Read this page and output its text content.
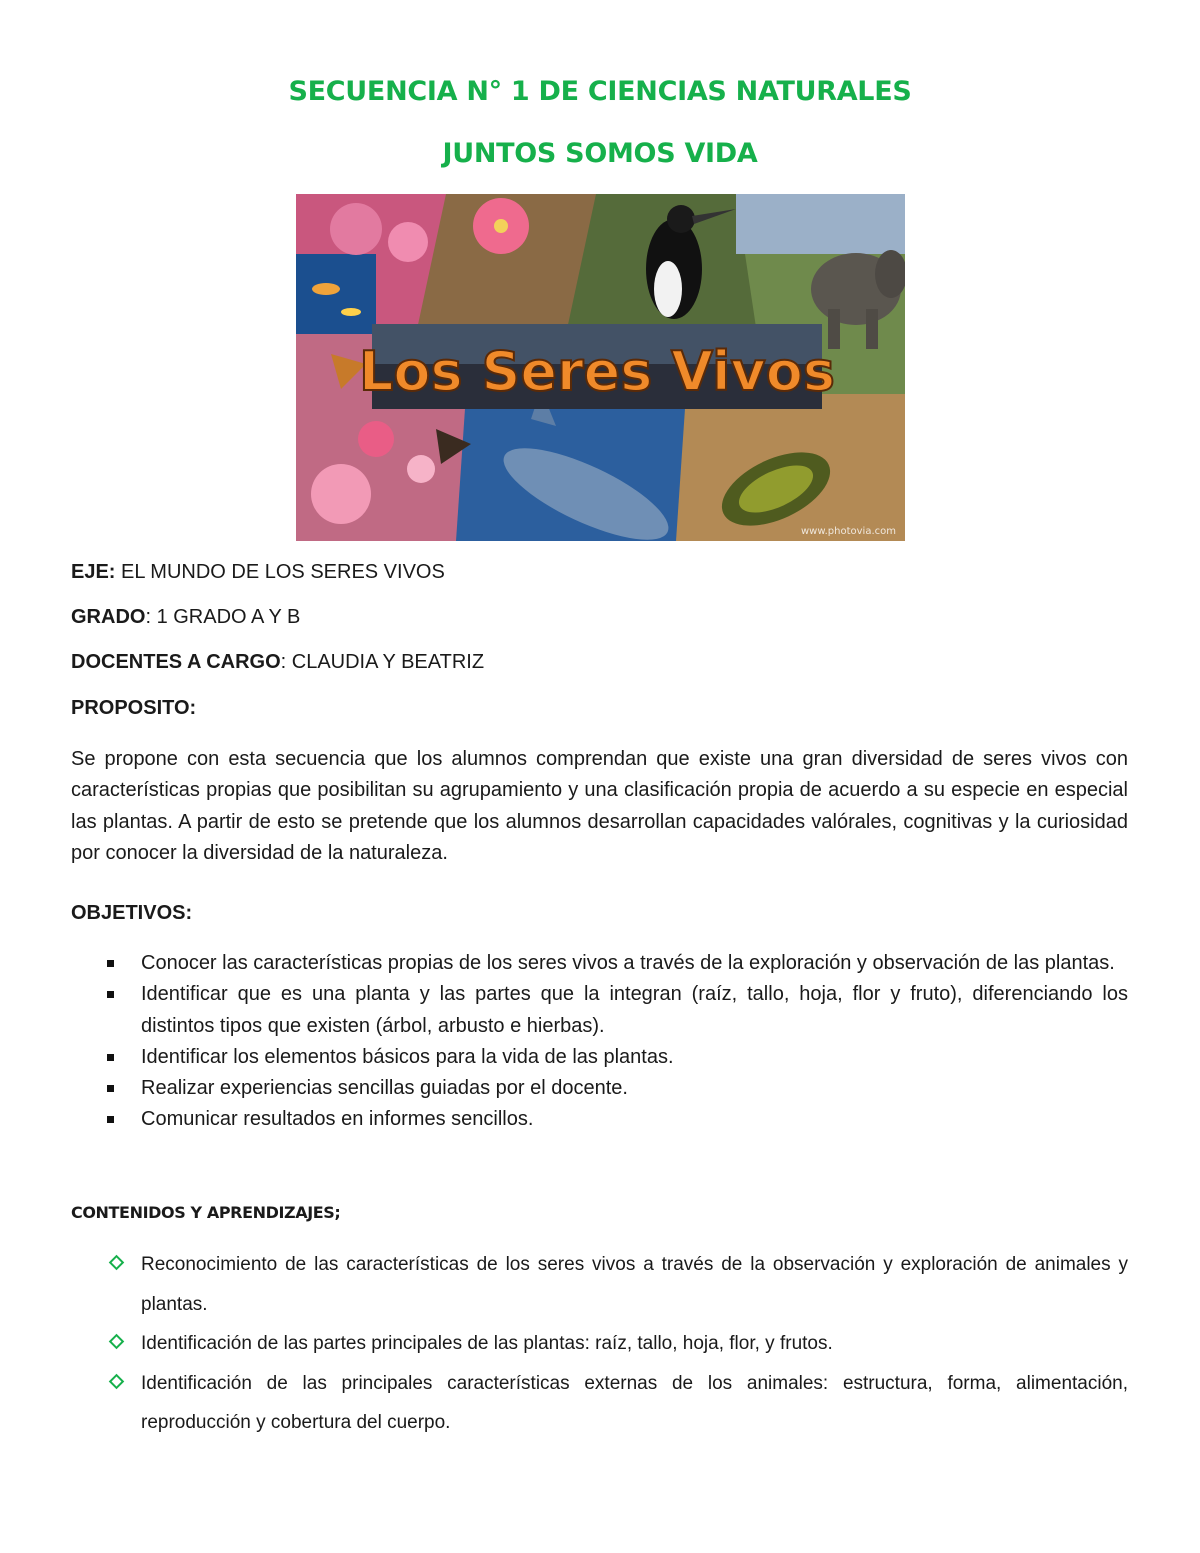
SECUENCIA N° 1 DE CIENCIAS NATURALES
JUNTOS SOMOS VIDA
Los Seres Vivos
www.photovia.com

EJE: EL MUNDO DE LOS SERES VIVOS

GRADO: 1 GRADO A Y B

DOCENTES A CARGO: CLAUDIA Y BEATRIZ

PROPOSITO:

Se propone con esta secuencia que los alumnos comprendan que existe una gran diversidad de seres vivos con características propias que posibilitan su agrupamiento y una clasificación propia de acuerdo a su especie en especial las plantas. A partir de esto se pretende que los alumnos desarrollan capacidades valórales, cognitivas y la curiosidad por conocer la diversidad de la naturaleza.

OBJETIVOS:

Conocer las características propias de los seres vivos a través de la exploración y observación de las plantas.
Identificar que es una planta y las partes que la integran (raíz, tallo, hoja, flor y fruto), diferenciando los distintos tipos que existen (árbol, arbusto e hierbas).
Identificar los elementos básicos para la vida de las plantas.
Realizar experiencias sencillas guiadas por el docente.
Comunicar resultados en informes sencillos.

CONTENIDOS Y APRENDIZAJES;

Reconocimiento de las características de los seres vivos a través de la observación y exploración de animales y plantas.
Identificación de las partes principales de las plantas: raíz, tallo, hoja, flor, y frutos.
Identificación de las principales características externas de los animales: estructura, forma, alimentación, reproducción y cobertura del cuerpo.
